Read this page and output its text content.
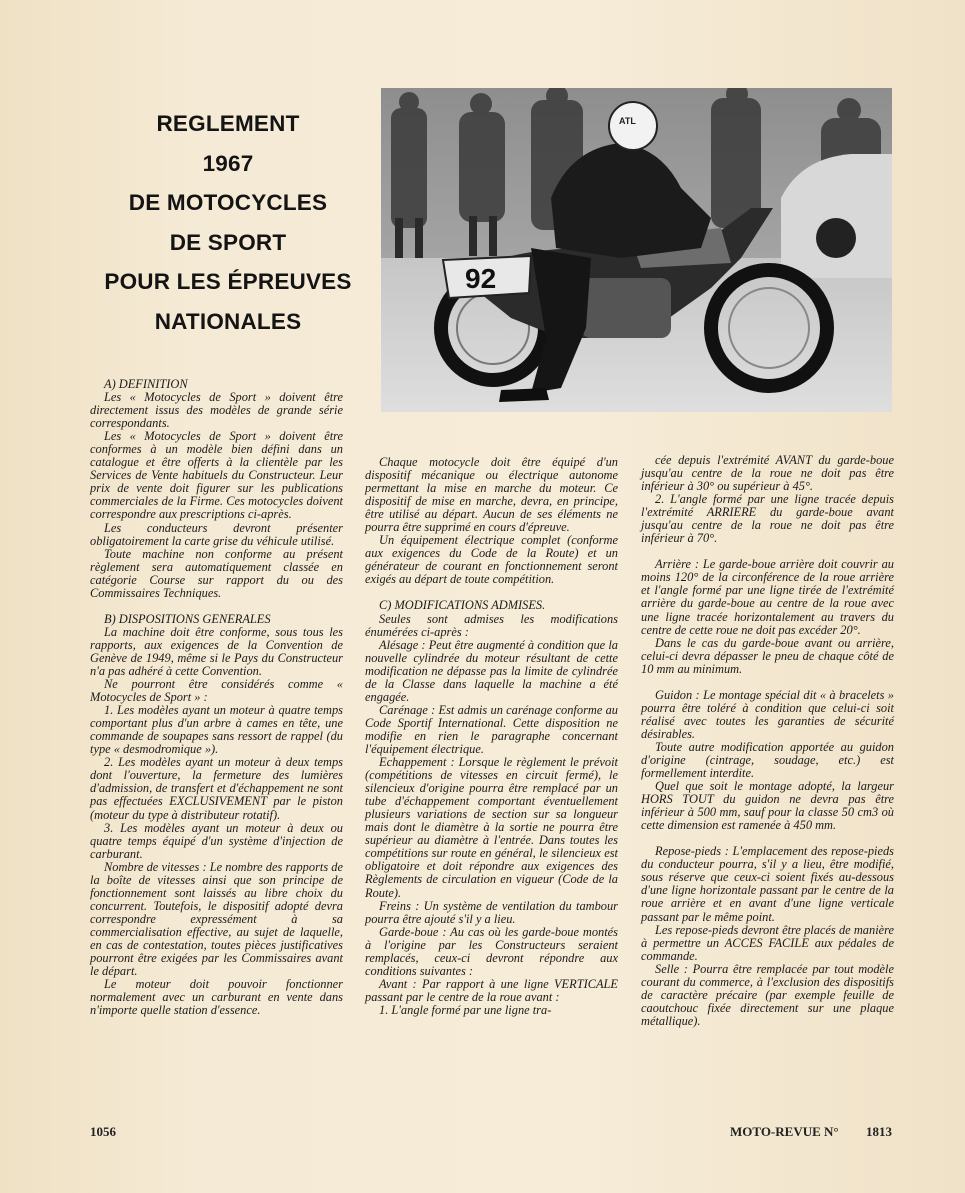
REGLEMENT
1967
DE MOTOCYCLES
DE SPORT
POUR LES ÉPREUVES
NATIONALES
92
ATL

A) DEFINITION

Les « Motocycles de Sport » doivent être directement issus des modèles de grande série correspondants.

Les « Motocycles de Sport » doivent être conformes à un modèle bien défini dans un catalogue et être offerts à la clientèle par les Services de Vente habituels du Constructeur. Leur prix de vente doit figurer sur les publications commerciales de la Firme. Ces motocycles doivent correspondre aux prescriptions ci-après.

Les conducteurs devront présenter obligatoirement la carte grise du véhicule utilisé.

Toute machine non conforme au présent règlement sera automatiquement classée en catégorie Course sur rapport du ou des Commissaires Techniques.

B) DISPOSITIONS GENERALES

La machine doit être conforme, sous tous les rapports, aux exigences de la Convention de Genève de 1949, même si le Pays du Constructeur n'a pas adhéré à cette Convention.

Ne pourront être considérés comme « Motocycles de Sport » :

1. Les modèles ayant un moteur à quatre temps comportant plus d'un arbre à cames en tête, une commande de soupapes sans ressort de rappel (du type « desmodromique »).

2. Les modèles ayant un moteur à deux temps dont l'ouverture, la fermeture des lumières d'admission, de transfert et d'échappement ne sont pas effectuées EXCLUSIVEMENT par le piston (moteur du type à distributeur rotatif).

3. Les modèles ayant un moteur à deux ou quatre temps équipé d'un système d'injection de carburant.

Nombre de vitesses : Le nombre des rapports de la boîte de vitesses ainsi que son principe de fonctionnement sont laissés au libre choix du concurrent. Toutefois, le dispositif adopté devra correspondre expressément à sa commercialisation effective, au sujet de laquelle, en cas de contestation, toutes pièces justificatives pourront être exigées par les Commissaires avant le départ.

Le moteur doit pouvoir fonctionner normalement avec un carburant en vente dans n'importe quelle station d'essence.

Chaque motocycle doit être équipé d'un dispositif mécanique ou électrique autonome permettant la mise en marche du moteur. Ce dispositif de mise en marche, devra, en principe, être utilisé au départ. Aucun de ses éléments ne pourra être supprimé en cours d'épreuve.

Un équipement électrique complet (conforme aux exigences du Code de la Route) et un générateur de courant en fonctionnement seront exigés au départ de toute compétition.

C) MODIFICATIONS ADMISES.

Seules sont admises les modifications énumérées ci-après :

Alésage : Peut être augmenté à condition que la nouvelle cylindrée du moteur résultant de cette modification ne dépasse pas la limite de cylindrée de la Classe dans laquelle la machine a été engagée.

Carénage : Est admis un carénage conforme au Code Sportif International. Cette disposition ne modifie en rien le paragraphe concernant l'équipement électrique.

Echappement : Lorsque le règlement le prévoit (compétitions de vitesses en circuit fermé), le silencieux d'origine pourra être remplacé par un tube d'échappement comportant éventuellement plusieurs variations de section sur sa longueur mais dont le diamètre à la sortie ne pourra être supérieur au diamètre à l'entrée. Dans toutes les compétitions sur route en général, le silencieux est obligatoire et doit répondre aux exigences des Règlements de circulation en vigueur (Code de la Route).

Freins : Un système de ventilation du tambour pourra être ajouté s'il y a lieu.

Garde-boue : Au cas où les garde-boue montés à l'origine par les Constructeurs seraient remplacés, ceux-ci devront répondre aux conditions suivantes :

Avant : Par rapport à une ligne VERTICALE passant par le centre de la roue avant :

1. L'angle formé par une ligne tra-

cée depuis l'extrémité AVANT du garde-boue jusqu'au centre de la roue ne doit pas être inférieur à 30° ou supérieur à 45°.

2. L'angle formé par une ligne tracée depuis l'extrémité ARRIERE du garde-boue avant jusqu'au centre de la roue ne doit pas être inférieur à 70°.

Arrière : Le garde-boue arrière doit couvrir au moins 120° de la circonférence de la roue arrière et l'angle formé par une ligne tirée de l'extrémité arrière du garde-boue au centre de la roue avec une ligne tracée horizontalement au travers du centre de cette roue ne doit pas excéder 20°.

Dans le cas du garde-boue avant ou arrière, celui-ci devra dépasser le pneu de chaque côté de 10 mm au minimum.

Guidon : Le montage spécial dit « à bracelets » pourra être toléré à condition que celui-ci soit réalisé avec toutes les garanties de sécurité désirables.

Toute autre modification apportée au guidon d'origine (cintrage, soudage, etc.) est formellement interdite.

Quel que soit le montage adopté, la largeur HORS TOUT du guidon ne devra pas être inférieur à 500 mm, sauf pour la classe 50 cm3 où cette dimension est ramenée à 450 mm.

Repose-pieds : L'emplacement des repose-pieds du conducteur pourra, s'il y a lieu, être modifié, sous réserve que ceux-ci soient fixés au-dessous d'une ligne horizontale passant par le centre de la roue arrière et en avant d'une ligne verticale passant par le même point.

Les repose-pieds devront être placés de manière à permettre un ACCES FACILE aux pédales de commande.

Selle : Pourra être remplacée par tout modèle courant du commerce, à l'exclusion des dispositifs de caractère précaire (par exemple feuille de caoutchouc fixée directement sur une plaque métallique).

1056	MOTO-REVUE N° 1813
